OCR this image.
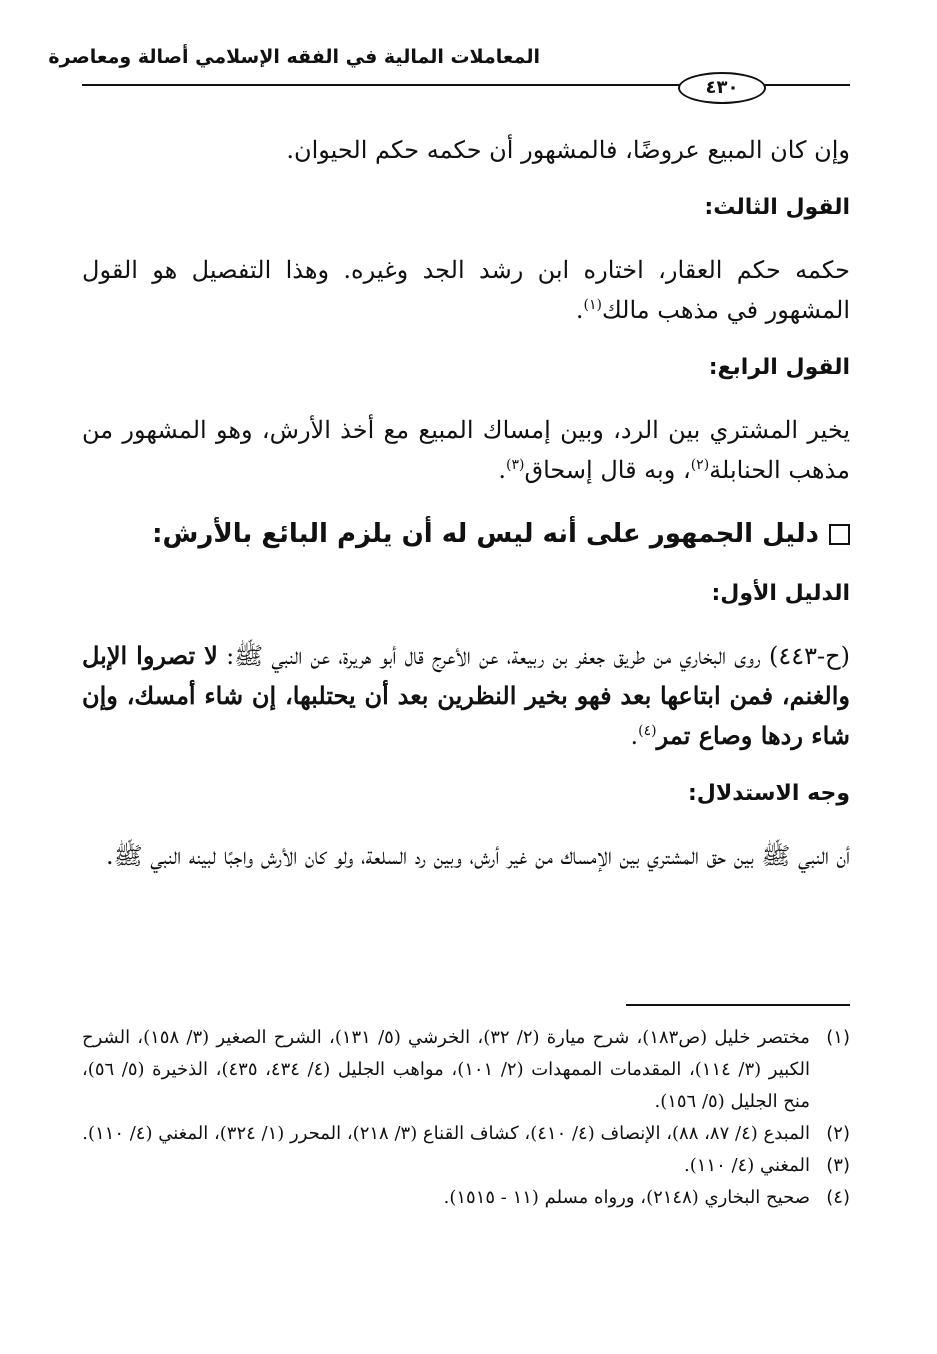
المعاملات المالية في الفقه الإسلامي أصالة ومعاصرة
٤٣٠

وإن كان المبيع عروضًا، فالمشهور أن حكمه حكم الحيوان.

القول الثالث:

حكمه حكم العقار، اختاره ابن رشد الجد وغيره. وهذا التفصيل هو القول المشهور في مذهب مالك$^{(١)}$.

القول الرابع:

يخير المشتري بين الرد، وبين إمساك المبيع مع أخذ الأرش، وهو المشهور من مذهب الحنابلة$^{(٢)}$، وبه قال إسحاق$^{(٣)}$.

دليل الجمهور على أنه ليس له أن يلزم البائع بالأرش:
الدليل الأول:

(ح-٤٤٣) روى البخاري من طريق جعفر بن ربيعة، عن الأعرج قال أبو هريرة، عن النبي ﷺ: لا تصروا الإبل والغنم، فمن ابتاعها بعد فهو بخير النظرين بعد أن يحتلبها، إن شاء أمسك، وإن شاء ردها وصاع تمر$^{(٤)}$.

وجه الاستدلال:

أن النبي ﷺ بين حق المشتري بين الإمساك من غير أرش، وبين رد السلعة، ولو كان الأرش واجبًا لبينه النبي ﷺ.

(١)
مختصر خليل (ص١٨٣)، شرح ميارة (٢/ ٣٢)، الخرشي (٥/ ١٣١)، الشرح الصغير (٣/ ١٥٨)، الشرح الكبير (٣/ ١١٤)، المقدمات الممهدات (٢/ ١٠١)، مواهب الجليل (٤/ ٤٣٤، ٤٣٥)، الذخيرة (٥/ ٥٦)، منح الجليل (٥/ ١٥٦).
(٢)
المبدع (٤/ ٨٧، ٨٨)، الإنصاف (٤/ ٤١٠)، كشاف القناع (٣/ ٢١٨)، المحرر (١/ ٣٢٤)، المغني (٤/ ١١٠).
(٣)
المغني (٤/ ١١٠).
(٤)
صحيح البخاري (٢١٤٨)، ورواه مسلم (١١ - ١٥١٥).
